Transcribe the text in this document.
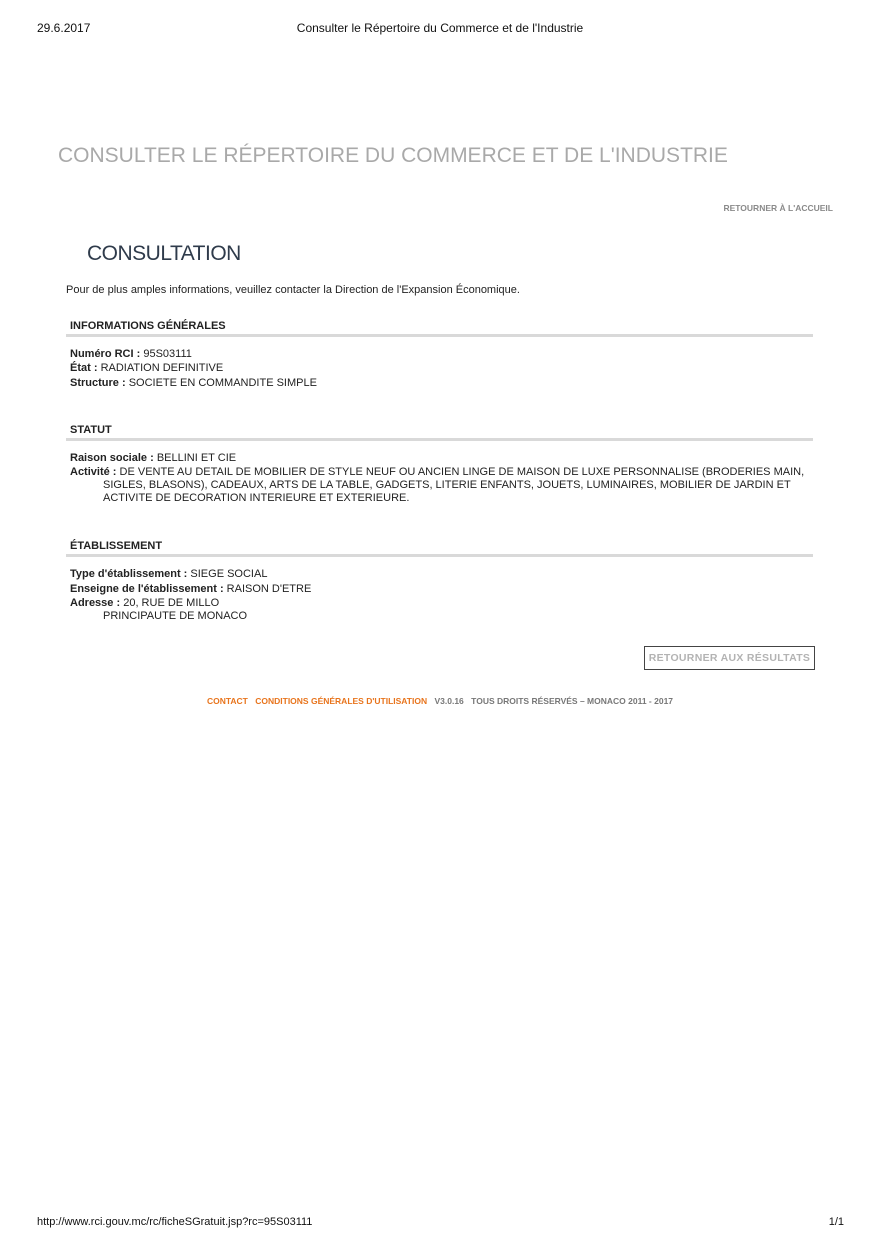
29.6.2017	Consulter le Répertoire du Commerce et de l'Industrie
CONSULTER LE RÉPERTOIRE DU COMMERCE ET DE L'INDUSTRIE
RETOURNER À L'ACCUEIL
CONSULTATION
Pour de plus amples informations, veuillez contacter la Direction de l'Expansion Économique.
INFORMATIONS GÉNÉRALES
Numéro RCI : 95S03111
État : RADIATION DEFINITIVE
Structure : SOCIETE EN COMMANDITE SIMPLE
STATUT
Raison sociale : BELLINI ET CIE
Activité : DE VENTE AU DETAIL DE MOBILIER DE STYLE NEUF OU ANCIEN LINGE DE MAISON DE LUXE PERSONNALISE (BRODERIES MAIN,
SIGLES, BLASONS), CADEAUX, ARTS DE LA TABLE, GADGETS, LITERIE ENFANTS, JOUETS, LUMINAIRES, MOBILIER DE JARDIN ET
ACTIVITE DE DECORATION INTERIEURE ET EXTERIEURE.
ÉTABLISSEMENT
Type d'établissement : SIEGE SOCIAL
Enseigne de l'établissement : RAISON D'ETRE
Adresse : 20, RUE DE MILLO
PRINCIPAUTE DE MONACO
RETOURNER AUX RÉSULTATS
CONTACT CONDITIONS GÉNÉRALES D'UTILISATION V3.0.16 TOUS DROITS RÉSERVÉS – MONACO 2011 - 2017
http://www.rci.gouv.mc/rc/ficheSGratuit.jsp?rc=95S03111	1/1
